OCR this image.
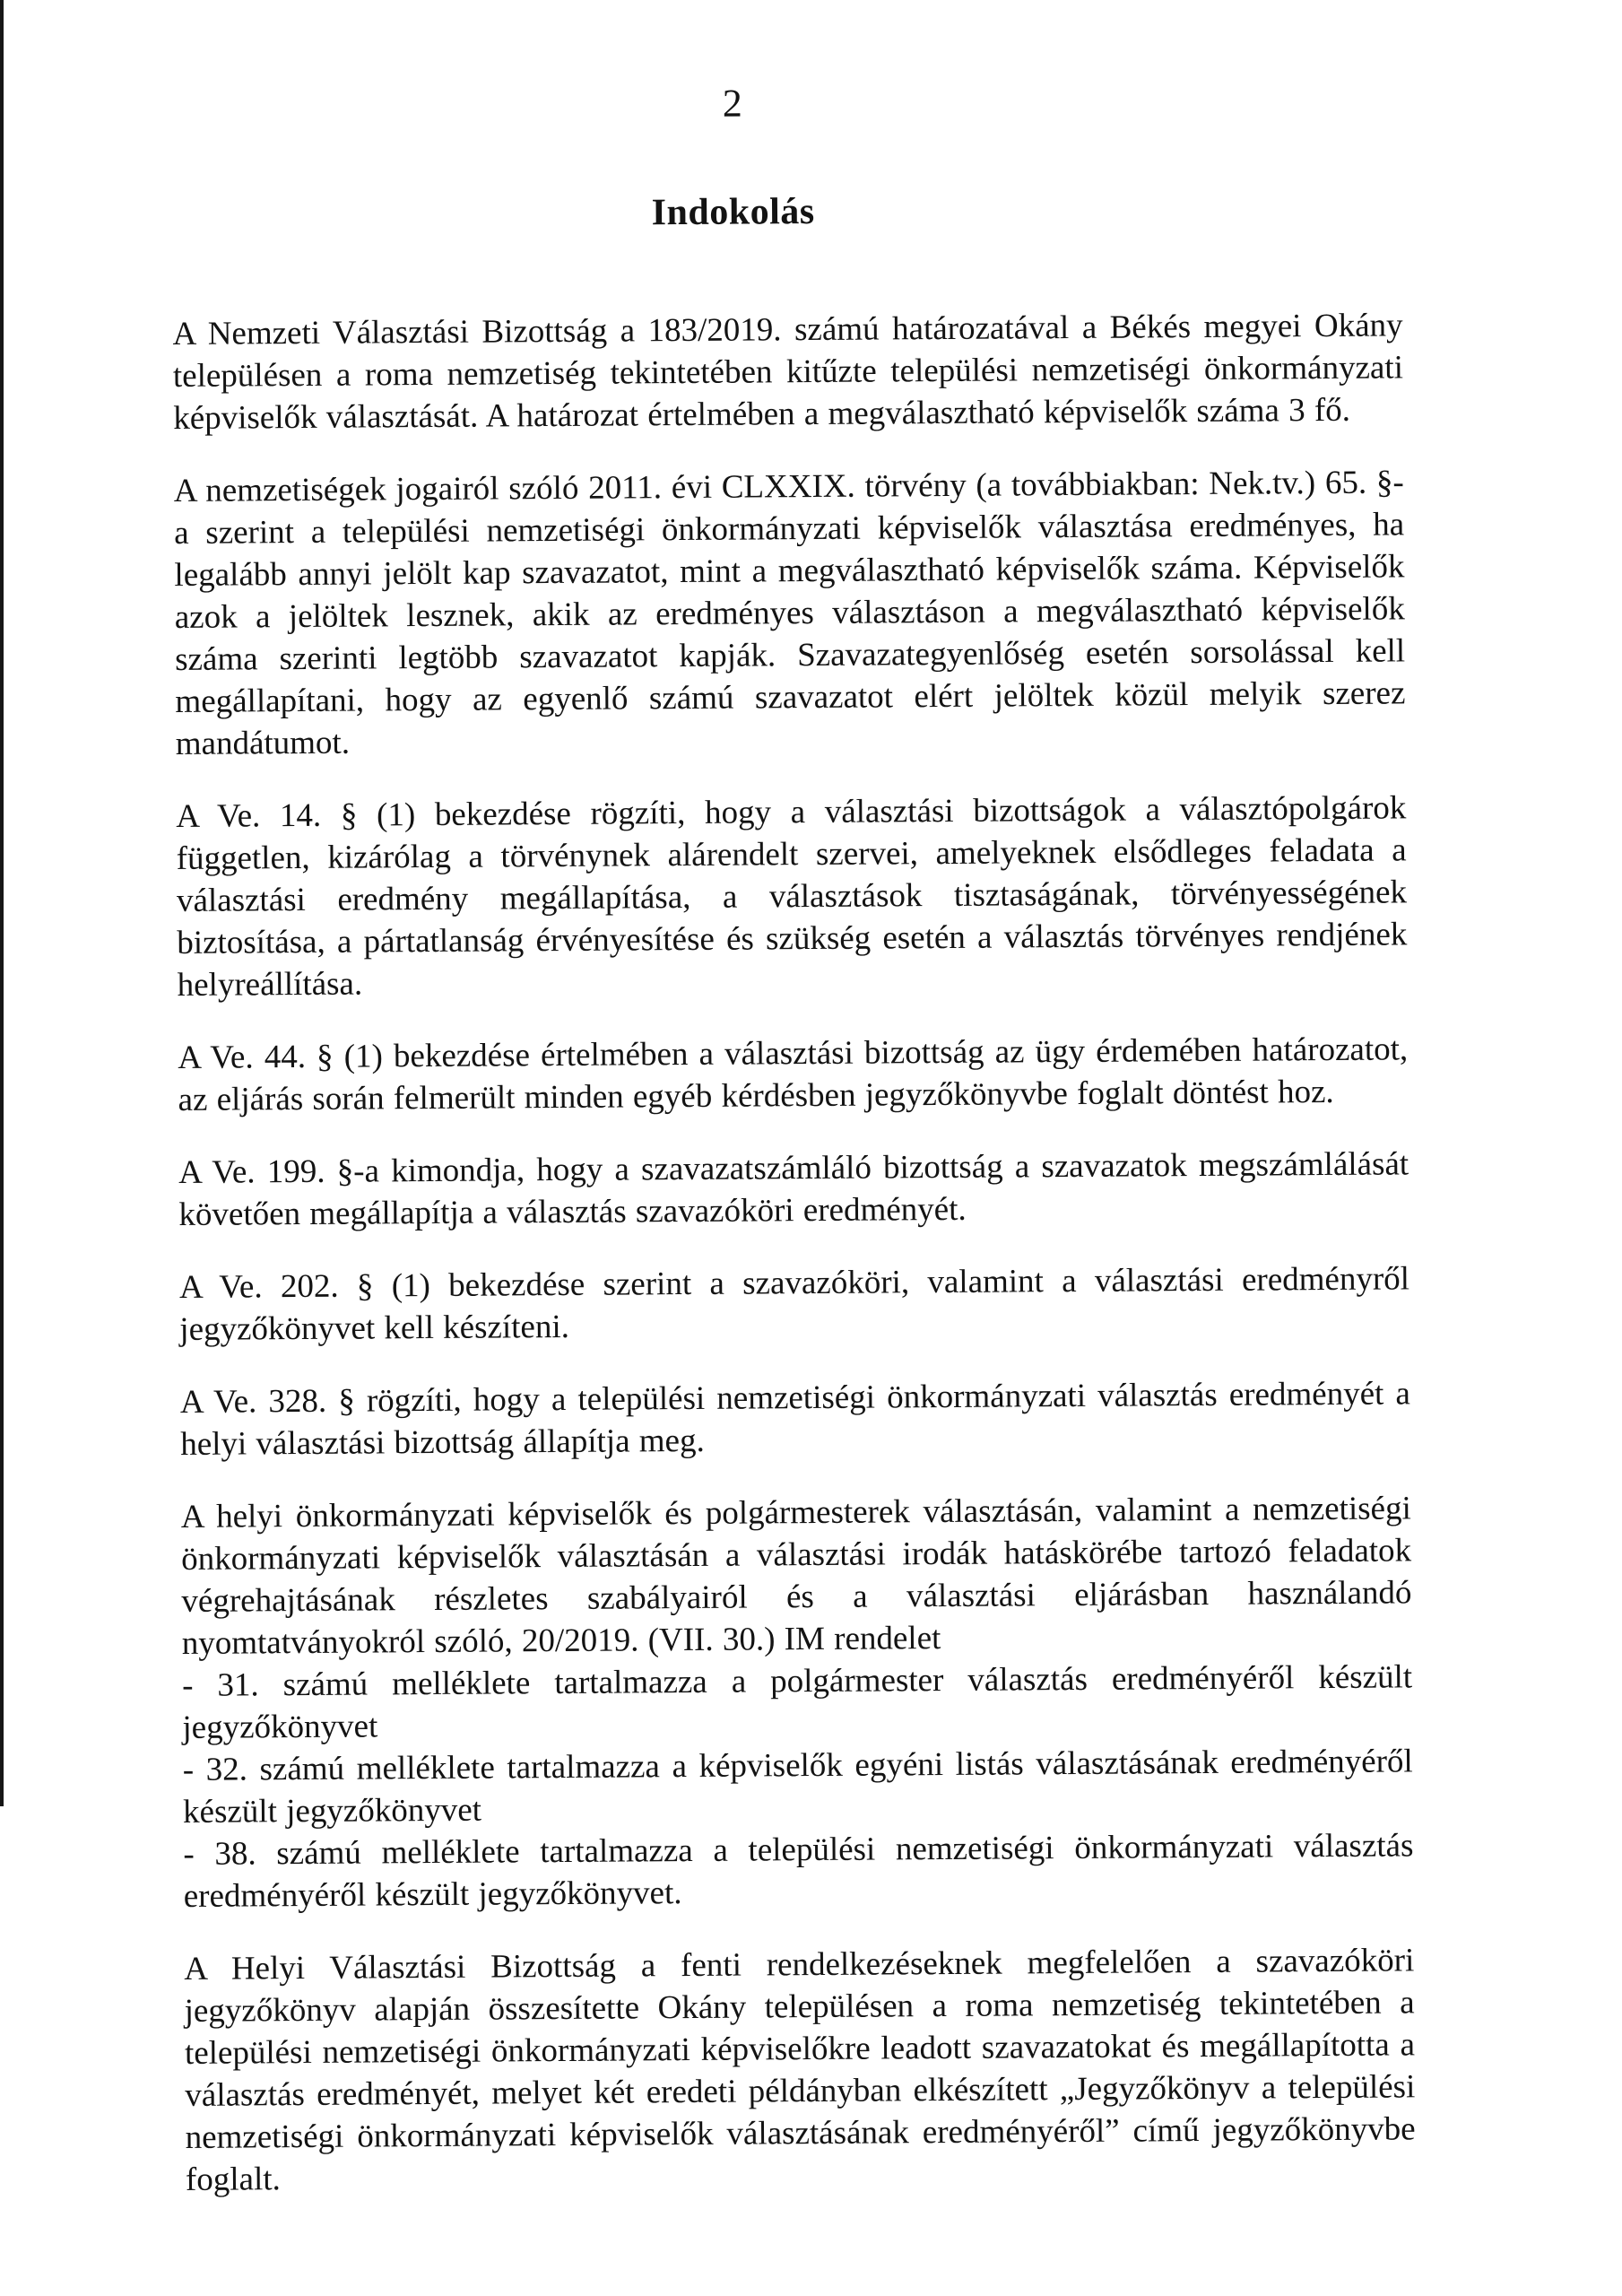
2
Indokolás

A Nemzeti Választási Bizottság a 183/2019. számú határozatával a Békés megyei Okány településen a roma nemzetiség tekintetében kitűzte települési nemzetiségi önkormányzati képviselők választását. A határozat értelmében a megválasztható képviselők száma 3 fő.

A nemzetiségek jogairól szóló 2011. évi CLXXIX. törvény (a továbbiakban: Nek.tv.) 65. §-a szerint a települési nemzetiségi önkormányzati képviselők választása eredményes, ha legalább annyi jelölt kap szavazatot, mint a megválasztható képviselők száma. Képviselők azok a jelöltek lesznek, akik az eredményes választáson a megválasztható képviselők száma szerinti legtöbb szavazatot kapják. Szavazategyenlőség esetén sorsolással kell megállapítani, hogy az egyenlő számú szavazatot elért jelöltek közül melyik szerez mandátumot.

A Ve. 14. § (1) bekezdése rögzíti, hogy a választási bizottságok a választópolgárok független, kizárólag a törvénynek alárendelt szervei, amelyeknek elsődleges feladata a választási eredmény megállapítása, a választások tisztaságának, törvényességének biztosítása, a pártatlanság érvényesítése és szükség esetén a választás törvényes rendjének helyreállítása.

A Ve. 44. § (1) bekezdése értelmében a választási bizottság az ügy érdemében határozatot, az eljárás során felmerült minden egyéb kérdésben jegyzőkönyvbe foglalt döntést hoz.

A Ve. 199. §-a kimondja, hogy a szavazatszámláló bizottság a szavazatok megszámlálását követően megállapítja a választás szavazóköri eredményét.

A Ve. 202. § (1) bekezdése szerint a szavazóköri, valamint a választási eredményről jegyzőkönyvet kell készíteni.

A Ve. 328. § rögzíti, hogy a települési nemzetiségi önkormányzati választás eredményét a helyi választási bizottság állapítja meg.

A helyi önkormányzati képviselők és polgármesterek választásán, valamint a nemzetiségi önkormányzati képviselők választásán a választási irodák hatáskörébe tartozó feladatok végrehajtásának részletes szabályairól és a választási eljárásban használandó nyomtatványokról szóló, 20/2019. (VII. 30.) IM rendelet

- 31. számú melléklete tartalmazza a polgármester választás eredményéről készült jegyzőkönyvet

- 32. számú melléklete tartalmazza a képviselők egyéni listás választásának eredményéről készült jegyzőkönyvet

- 38. számú melléklete tartalmazza a települési nemzetiségi önkormányzati választás eredményéről készült jegyzőkönyvet.

A Helyi Választási Bizottság a fenti rendelkezéseknek megfelelően a szavazóköri jegyzőkönyv alapján összesítette Okány településen a roma nemzetiség tekintetében a települési nemzetiségi önkormányzati képviselőkre leadott szavazatokat és megállapította a választás eredményét, melyet két eredeti példányban elkészített „Jegyzőkönyv a települési nemzetiségi önkormányzati képviselők választásának eredményéről” című jegyzőkönyvbe foglalt.
